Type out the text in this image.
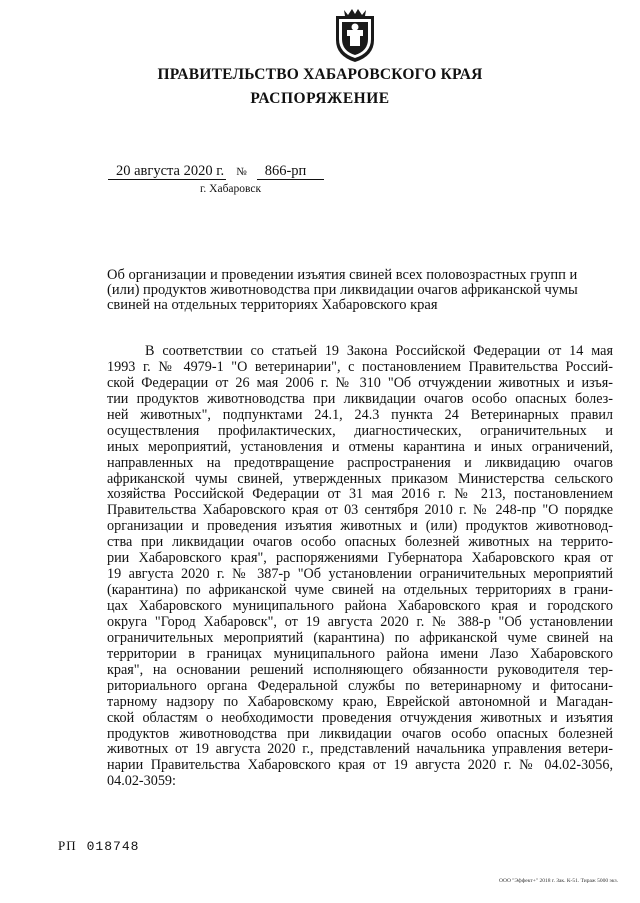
ПРАВИТЕЛЬСТВО ХАБАРОВСКОГО КРАЯ
РАСПОРЯЖЕНИЕ
20 августа 2020 г. № 866-рп
г. Хабаровск
Об организации и проведении изъятия свиней всех половозрастных групп и
(или) продуктов животноводства при ликвидации очагов африканской чумы
свиней на отдельных территориях Хабаровского края
В соответствии со статьей 19 Закона Российской Федерации от 14 мая
1993 г. № 4979-1 "О ветеринарии", с постановлением Правительства Россий-
ской Федерации от 26 мая 2006 г. № 310 "Об отчуждении животных и изъя-
тии продуктов животноводства при ликвидации очагов особо опасных болез-
ней животных", подпунктами 24.1, 24.3 пункта 24 Ветеринарных правил
осуществления профилактических, диагностических, ограничительных и
иных мероприятий, установления и отмены карантина и иных ограничений,
направленных на предотвращение распространения и ликвидацию очагов
африканской чумы свиней, утвержденных приказом Министерства сельского
хозяйства Российской Федерации от 31 мая 2016 г. № 213, постановлением
Правительства Хабаровского края от 03 сентября 2010 г. № 248-пр "О порядке
организации и проведения изъятия животных и (или) продуктов животновод-
ства при ликвидации очагов особо опасных болезней животных на террито-
рии Хабаровского края", распоряжениями Губернатора Хабаровского края от
19 августа 2020 г. № 387-р "Об установлении ограничительных мероприятий
(карантина) по африканской чуме свиней на отдельных территориях в грани-
цах Хабаровского муниципального района Хабаровского края и городского
округа "Город Хабаровск", от 19 августа 2020 г. № 388-р "Об установлении
ограничительных мероприятий (карантина) по африканской чуме свиней на
территории в границах муниципального района имени Лазо Хабаровского
края", на основании решений исполняющего обязанности руководителя тер-
риториального органа Федеральной службы по ветеринарному и фитосани-
тарному надзору по Хабаровскому краю, Еврейской автономной и Магадан-
ской областям о необходимости проведения отчуждения животных и изъятия
продуктов животноводства при ликвидации очагов особо опасных болезней
животных от 19 августа 2020 г., представлений начальника управления ветери-
нарии Правительства Хабаровского края от 19 августа 2020 г. № 04.02-3056,
04.02-3059:
РП 018748
ООО "Эффект+" 2018 г. Зак. К-51. Тираж 5000 экз.
